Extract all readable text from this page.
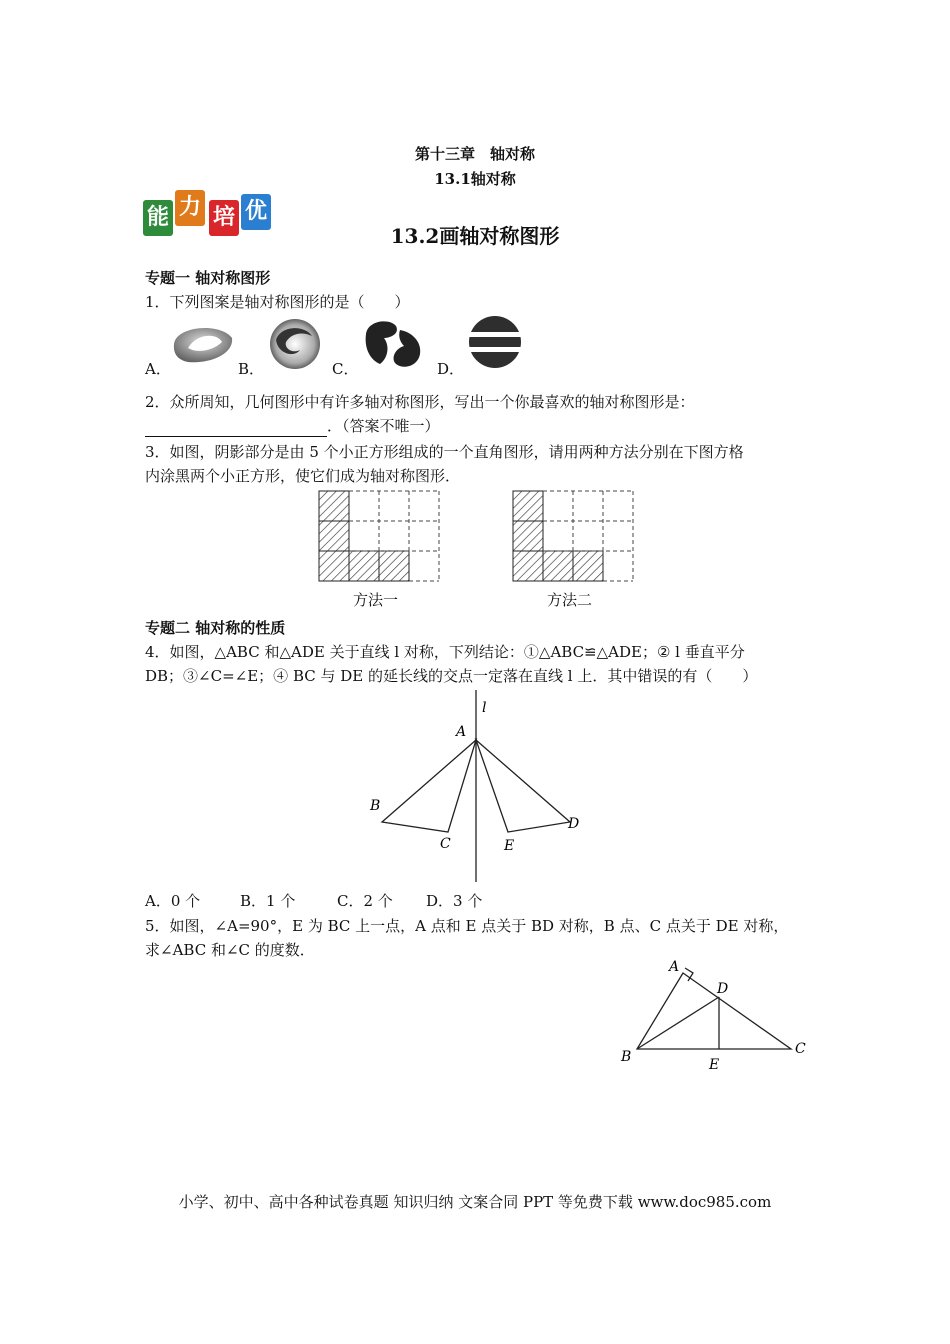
第十三章　轴对称
13.1轴对称
能 力 培 优
13.2画轴对称图形
专题一 轴对称图形
1．下列图案是轴对称图形的是（　　）
A．	B．	C．	D．
2．众所周知，几何图形中有许多轴对称图形，写出一个你最喜欢的轴对称图形是：
．（答案不唯一）
3．如图，阴影部分是由 5 个小正方形组成的一个直角图形，请用两种方法分别在下图方格
内涂黑两个小正方形，使它们成为轴对称图形．
方法一	方法二
专题二 轴对称的性质
4．如图，△ABC 和△ADE 关于直线 l 对称，下列结论：①△ABC≌△ADE；② l 垂直平分
DB；③∠C=∠E；④ BC 与 DE 的延长线的交点一定落在直线 l 上．其中错误的有（　　）
l
A
B
C
D
E
A．0 个	B．1 个	C．2 个 D．3 个
5．如图，∠A=90°，E 为 BC 上一点，A 点和 E 点关于 BD 对称，B 点、C 点关于 DE 对称，
求∠ABC 和∠C 的度数．
A
B	C
D
E
小学、初中、高中各种试卷真题 知识归纳 文案合同 PPT 等免费下载 www.doc985.com
